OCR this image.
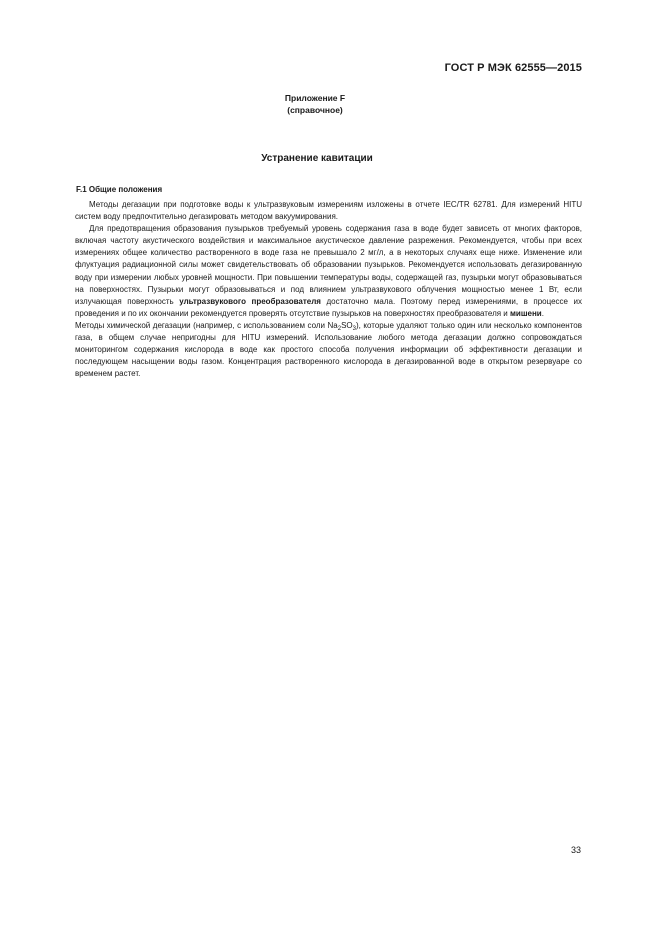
ГОСТ Р МЭК 62555—2015
Приложение F
(справочное)
Устранение кавитации
F.1 Общие положения

Методы дегазации при подготовке воды к ультразвуковым измерениям изложены в отчете IEC/TR 62781. Для измерений HITU систем воду предпочтительно дегазировать методом вакуумирования.

Для предотвращения образования пузырьков требуемый уровень содержания газа в воде будет зависеть от многих факторов, включая частоту акустического воздействия и максимальное акустическое давление разрежения. Рекомендуется, чтобы при всех измерениях общее количество растворенного в воде газа не превышало 2 мг/л, а в некоторых случаях еще ниже. Изменение или флуктуация радиационной силы может свидетельствовать об образовании пузырьков. Рекомендуется использовать дегазированную воду при измерении любых уровней мощности. При повышении температуры воды, содержащей газ, пузырьки могут образовываться на поверхностях. Пузырьки могут образовываться и под влиянием ультразвукового облучения мощностью менее 1 Вт, если излучающая поверхность ультразвукового преобразователя достаточно мала. Поэтому перед измерениями, в процессе их проведения и по их окончании рекомендуется проверять отсутствие пузырьков на поверхностях преобразователя и мишени.

Методы химической дегазации (например, с использованием соли $Na_2SO_3$), которые удаляют только один или несколько компонентов газа, в общем случае непригодны для HITU измерений. Использование любого метода дегазации должно сопровождаться мониторингом содержания кислорода в воде как простого способа получения информации об эффективности дегазации и последующем насыщении воды газом. Концентрация растворенного кислорода в дегазированной воде в открытом резервуаре со временем растет.

33
